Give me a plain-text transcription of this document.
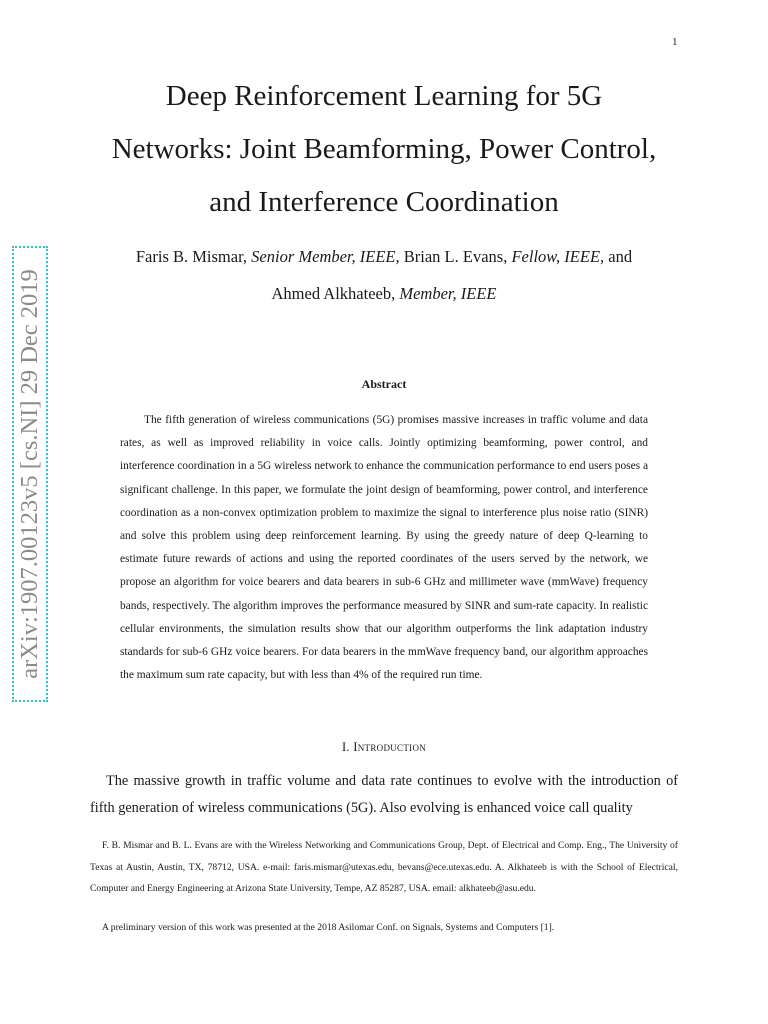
1
Deep Reinforcement Learning for 5G
Networks: Joint Beamforming, Power Control,
and Interference Coordination
Faris B. Mismar, Senior Member, IEEE, Brian L. Evans, Fellow, IEEE, and
Ahmed Alkhateeb, Member, IEEE
arXiv:1907.00123v5 [cs.NI] 29 Dec 2019	Abstract

The fifth generation of wireless communications (5G) promises massive increases in traffic volume and data rates, as well as improved reliability in voice calls. Jointly optimizing beamforming, power control, and interference coordination in a 5G wireless network to enhance the communication performance to end users poses a significant challenge. In this paper, we formulate the joint design of beamforming, power control, and interference coordination as a non-convex optimization problem to maximize the signal to interference plus noise ratio (SINR) and solve this problem using deep reinforcement learning. By using the greedy nature of deep Q-learning to estimate future rewards of actions and using the reported coordinates of the users served by the network, we propose an algorithm for voice bearers and data bearers in sub-6 GHz and millimeter wave (mmWave) frequency bands, respectively. The algorithm improves the performance measured by SINR and sum-rate capacity. In realistic cellular environments, the simulation results show that our algorithm outperforms the link adaptation industry standards for sub-6 GHz voice bearers. For data bearers in the mmWave frequency band, our algorithm approaches the maximum sum rate capacity, but with less than 4% of the required run time.

I. Introduction

The massive growth in traffic volume and data rate continues to evolve with the introduction of fifth generation of wireless communications (5G). Also evolving is enhanced voice call quality

F. B. Mismar and B. L. Evans are with the Wireless Networking and Communications Group, Dept. of Electrical and Comp. Eng., The University of Texas at Austin, Austin, TX, 78712, USA. e-mail: faris.mismar@utexas.edu, bevans@ece.utexas.edu. A. Alkhateeb is with the School of Electrical, Computer and Energy Engineering at Arizona State University, Tempe, AZ 85287, USA. email: alkhateeb@asu.edu.

A preliminary version of this work was presented at the 2018 Asilomar Conf. on Signals, Systems and Computers [1].
